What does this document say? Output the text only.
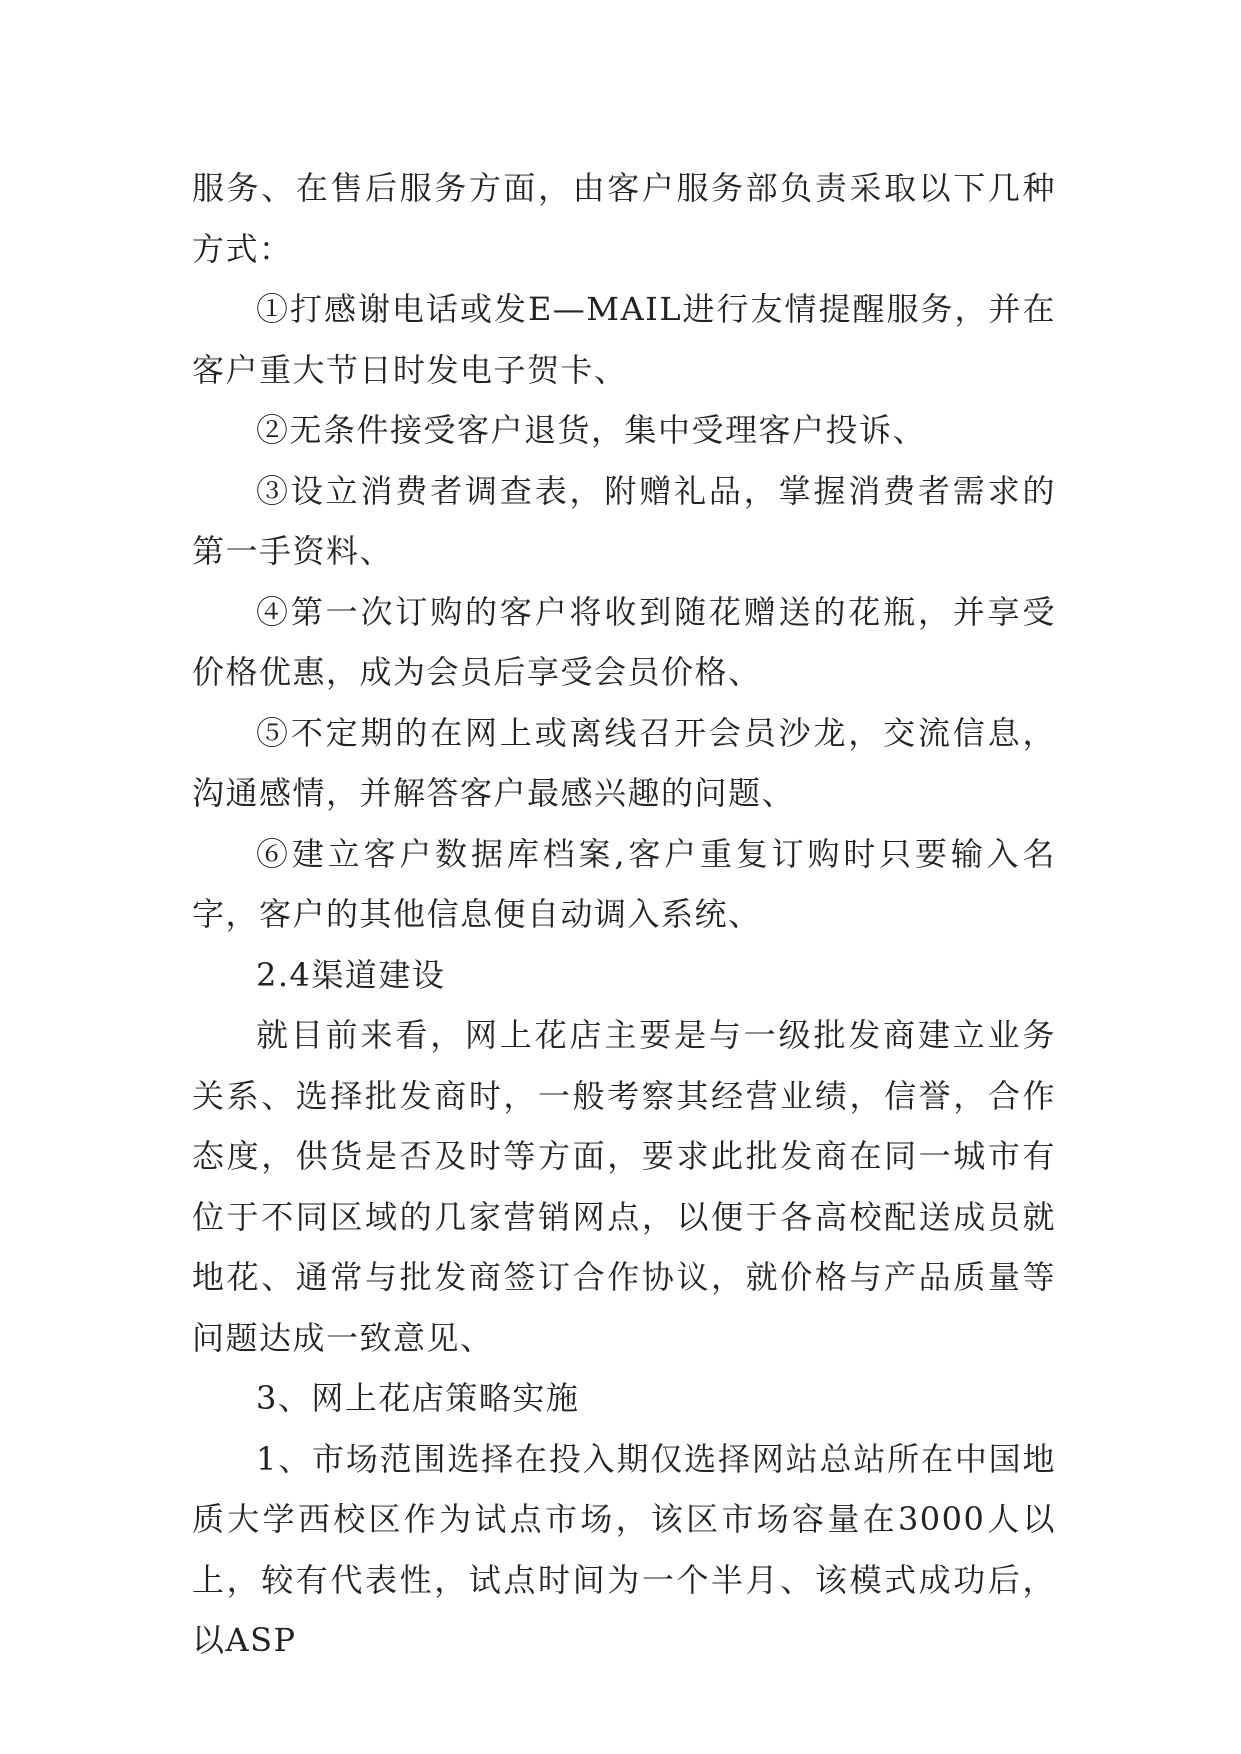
服务、在售后服务方面，由客户服务部负责采取以下几种方式：

①打感谢电话或发E—MAIL进行友情提醒服务，并在客户重大节日时发电子贺卡、

②无条件接受客户退货，集中受理客户投诉、

③设立消费者调查表，附赠礼品，掌握消费者需求的第一手资料、

④第一次订购的客户将收到随花赠送的花瓶，并享受价格优惠，成为会员后享受会员价格、

⑤不定期的在网上或离线召开会员沙龙，交流信息，沟通感情，并解答客户最感兴趣的问题、

⑥建立客户数据库档案,客户重复订购时只要输入名字，客户的其他信息便自动调入系统、

2.4渠道建设

就目前来看，网上花店主要是与一级批发商建立业务关系、选择批发商时，一般考察其经营业绩，信誉，合作态度，供货是否及时等方面，要求此批发商在同一城市有位于不同区域的几家营销网点，以便于各高校配送成员就地花、通常与批发商签订合作协议，就价格与产品质量等问题达成一致意见、

3、网上花店策略实施

1、市场范围选择在投入期仅选择网站总站所在中国地质大学西校区作为试点市场，该区市场容量在3000人以上，较有代表性，试点时间为一个半月、该模式成功后，以ASP
